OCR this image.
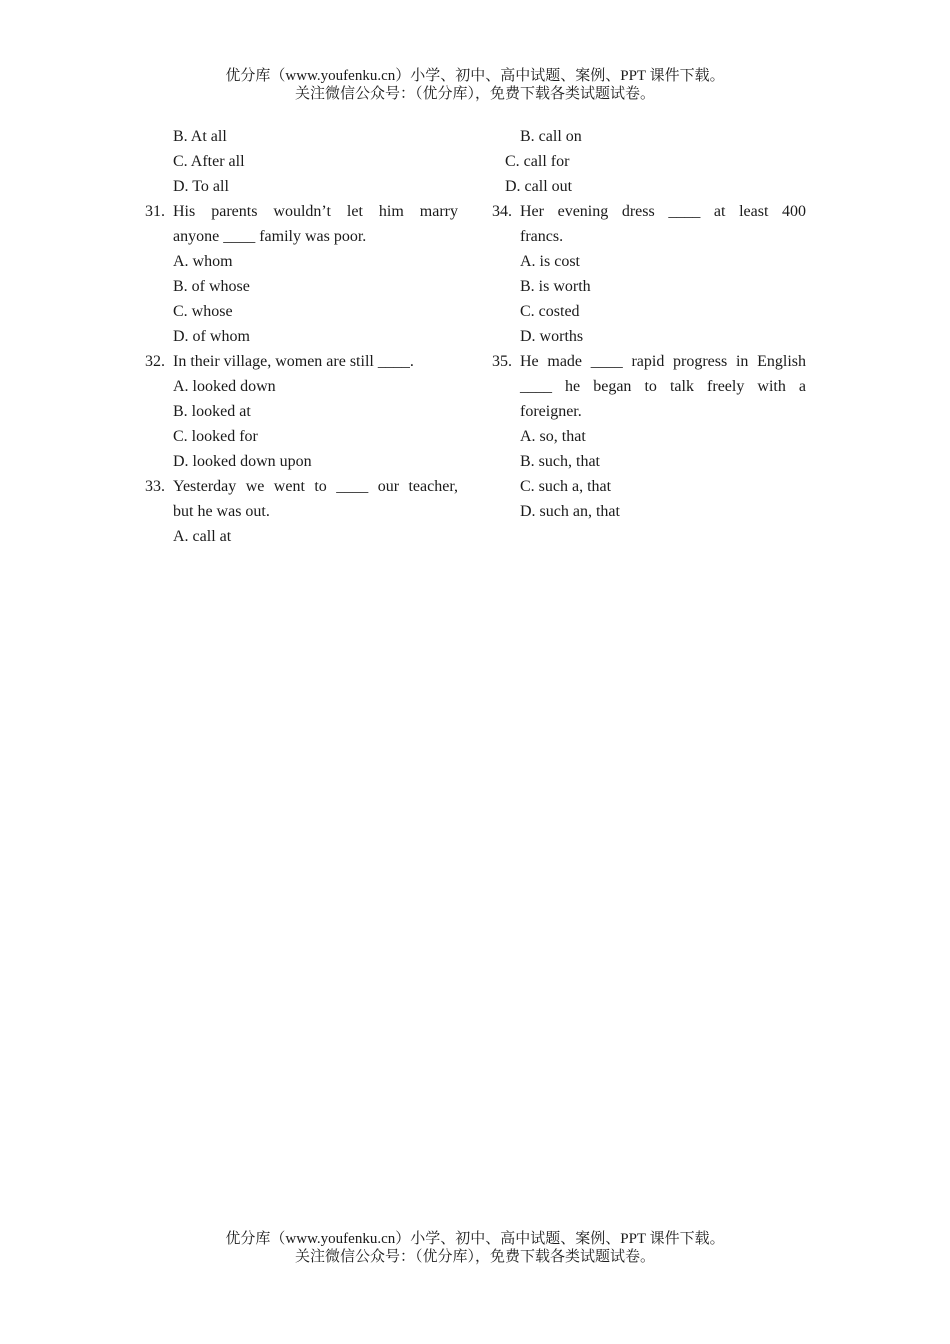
优分库（www.youfenku.cn）小学、初中、高中试题、案例、PPT 课件下载。
关注微信公众号：（优分库），免费下载各类试题试卷。
B. At all
C. After all
D. To all
31. His parents wouldn’t let him marry
anyone ____ family was poor.
A. whom
B. of whose
C. whose
D. of whom
32. In their village, women are still ____.
A. looked down
B. looked at
C. looked for
D. looked down upon
33. Yesterday we went to ____ our teacher,
but he was out.
A. call at
B. call on
C. call for
D. call out
34. Her evening dress ____ at least 400
francs.
A. is cost
B. is worth
C. costed
D. worths
35. He made ____ rapid progress in English
____ he began to talk freely with a
foreigner.
A. so, that
B. such, that
C. such a, that
D. such an, that
优分库（www.youfenku.cn）小学、初中、高中试题、案例、PPT 课件下载。
关注微信公众号：（优分库），免费下载各类试题试卷。
